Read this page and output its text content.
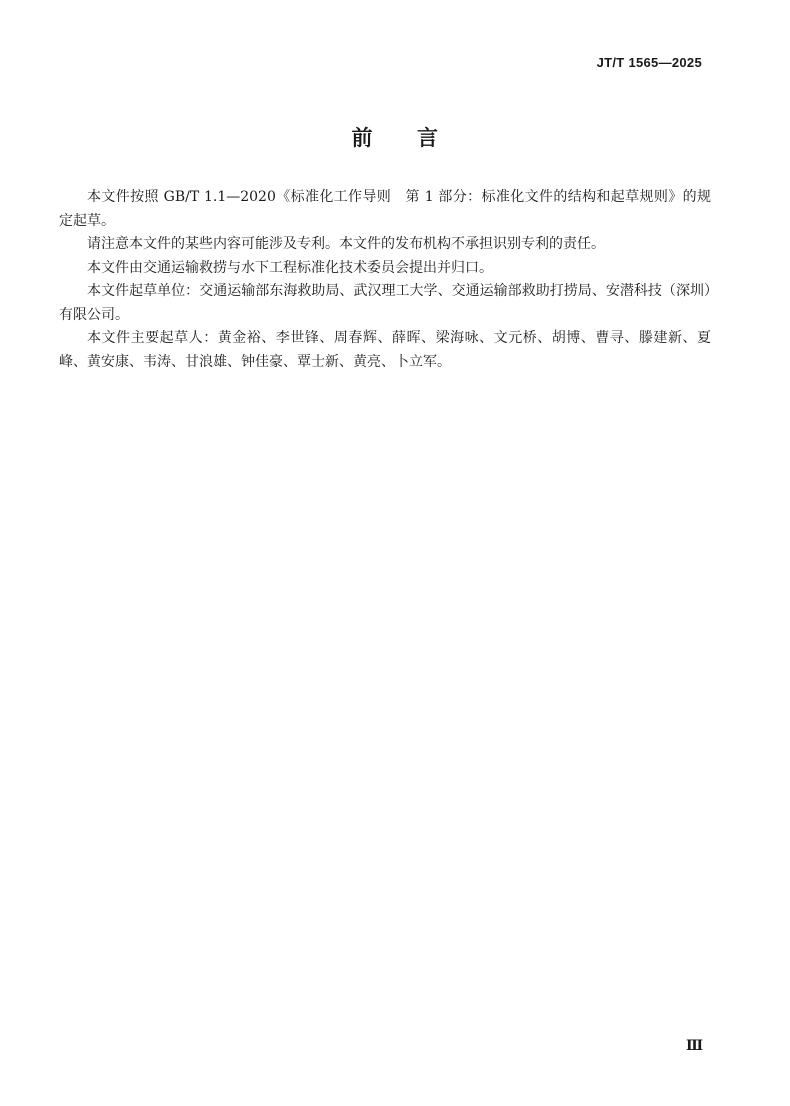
JT/T 1565—2025
前 言

本文件按照 GB/T 1.1—2020《标准化工作导则　第 1 部分：标准化文件的结构和起草规则》的规定起草。

请注意本文件的某些内容可能涉及专利。本文件的发布机构不承担识别专利的责任。

本文件由交通运输救捞与水下工程标准化技术委员会提出并归口。

本文件起草单位：交通运输部东海救助局、武汉理工大学、交通运输部救助打捞局、安潜科技（深圳）有限公司。

本文件主要起草人：黄金裕、李世锋、周春辉、薛晖、梁海咏、文元桥、胡博、曹寻、滕建新、夏峰、黄安康、韦涛、甘浪雄、钟佳豪、覃士新、黄亮、卜立军。

Ⅲ
